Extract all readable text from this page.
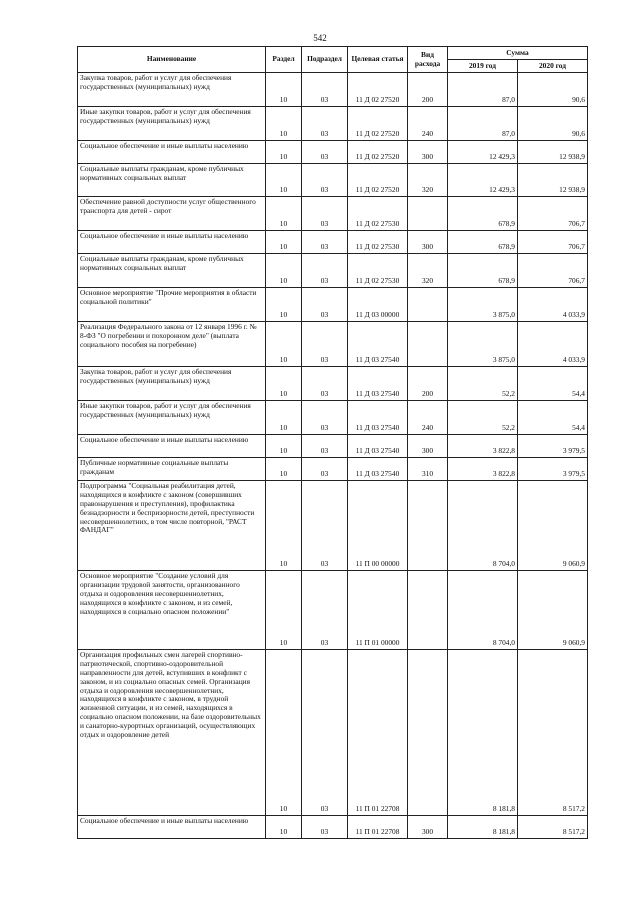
542
Наименование	Раздел	Подраздел	Целевая статья	Вид расхода	Сумма	
					2019 год	2020 год
Закупка товаров, работ и услуг для обеспечения государственных (муниципальных) нужд	10	03	11 Д 02 27520	200	87,0	90,6
Иные закупки товаров, работ и услуг для обеспечения государственных (муниципальных) нужд	10	03	11 Д 02 27520	240	87,0	90,6
Социальное обеспечение и иные выплаты населению	10	03	11 Д 02 27520	300	12 429,3	12 938,9
Социальные выплаты гражданам, кроме публичных нормативных социальных выплат	10	03	11 Д 02 27520	320	12 429,3	12 938,9
Обеспечение равной доступности услуг общественного транспорта для детей - сирот	10	03	11 Д 02 27530		678,9	706,7
Социальное обеспечение и иные выплаты населению	10	03	11 Д 02 27530	300	678,9	706,7
Социальные выплаты гражданам, кроме публичных нормативных социальных выплат	10	03	11 Д 02 27530	320	678,9	706,7
Основное мероприятие "Прочие мероприятия в области социальной политики"	10	03	11 Д 03 00000		3 875,0	4 033,9
Реализация Федерального закона от 12 января 1996 г. № 8-ФЗ "О погребении и похоронном деле" (выплата социального пособия на погребение)	10	03	11 Д 03 27540		3 875,0	4 033,9
Закупка товаров, работ и услуг для обеспечения государственных (муниципальных) нужд	10	03	11 Д 03 27540	200	52,2	54,4
Иные закупки товаров, работ и услуг для обеспечения государственных (муниципальных) нужд	10	03	11 Д 03 27540	240	52,2	54,4
Социальное обеспечение и иные выплаты населению	10	03	11 Д 03 27540	300	3 822,8	3 979,5
Публичные нормативные социальные выплаты гражданам	10	03	11 Д 03 27540	310	3 822,8	3 979,5
Подпрограмма "Социальная реабилитация детей, находящихся в конфликте с законом (совершивших правонарушения и преступления), профилактика безнадзорности и беспризорности детей, преступности несовершеннолетних, в том числе повторной, "РАСТ ФАНДАГ"	10	03	11 П 00 00000		8 704,0	9 060,9
Основное мероприятие "Создание условий для организации трудовой занятости, организованного отдыха и оздоровления несовершеннолетних, находящихся в конфликте с законом, и из семей, находящихся в социально опасном положении"	10	03	11 П 01 00000		8 704,0	9 060,9
Организация профильных смен лагерей спортивно-патриотической, спортивно-оздоровительной направленности для детей, вступивших в конфликт с законом, и из социально опасных семей. Организация отдыха и оздоровления несовершеннолетних, находящихся в конфликте с законом, в трудной жизненной ситуации, и из семей, находящихся в социально опасном положении, на базе оздоровительных и санаторно-курортных организаций, осуществляющих отдых и оздоровление детей	10	03	11 П 01 22708		8 181,8	8 517,2
Социальное обеспечение и иные выплаты населению	10	03	11 П 01 22708	300	8 181,8	8 517,2
